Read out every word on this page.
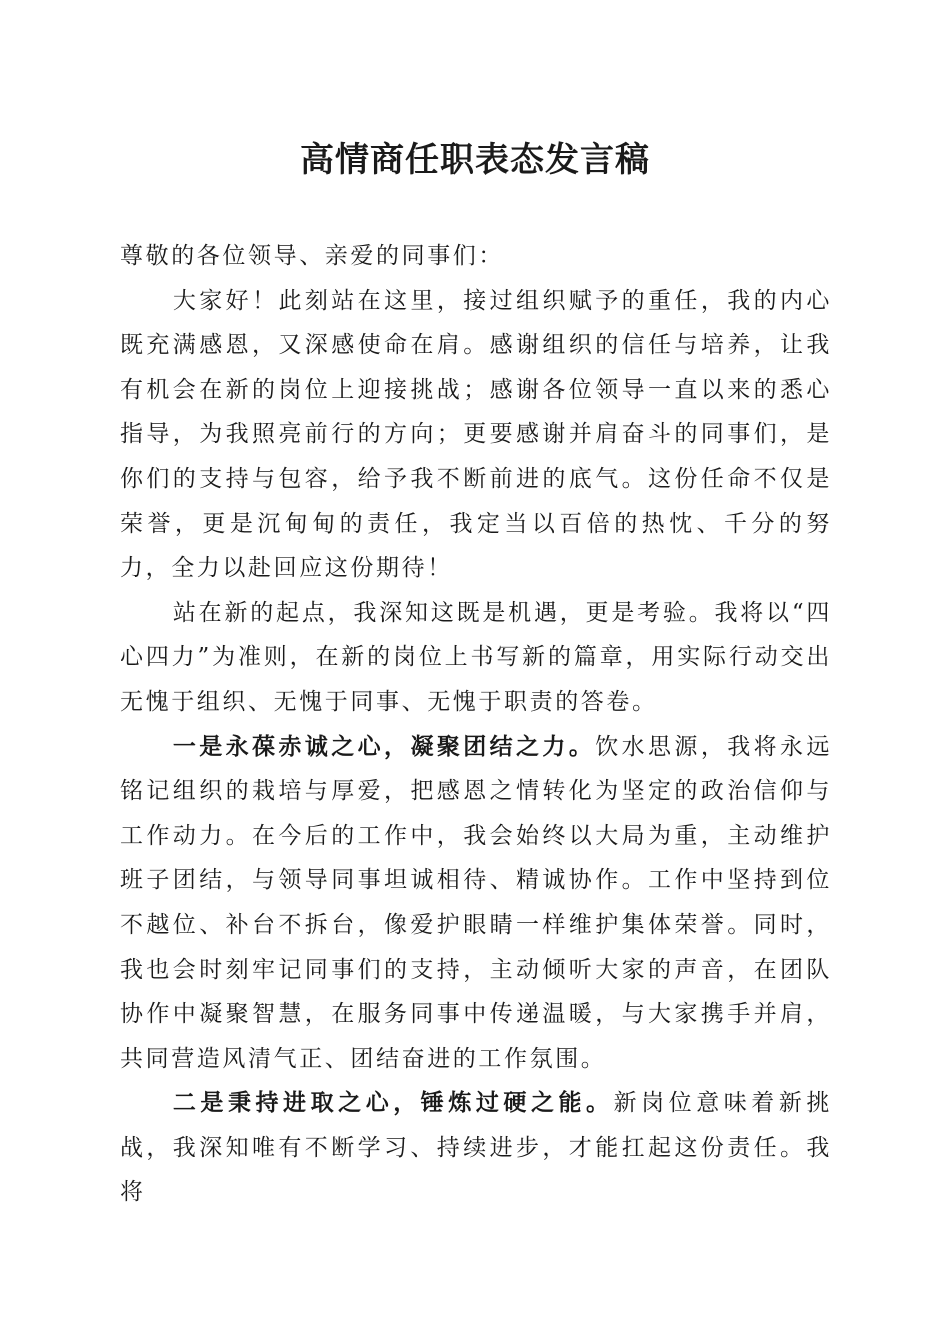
高情商任职表态发言稿

尊敬的各位领导、亲爱的同事们：

大家好！此刻站在这里，接过组织赋予的重任，我的内心既充满感恩，又深感使命在肩。感谢组织的信任与培养，让我有机会在新的岗位上迎接挑战；感谢各位领导一直以来的悉心指导，为我照亮前行的方向；更要感谢并肩奋斗的同事们，是你们的支持与包容，给予我不断前进的底气。这份任命不仅是荣誉，更是沉甸甸的责任，我定当以百倍的热忱、千分的努力，全力以赴回应这份期待！

站在新的起点，我深知这既是机遇，更是考验。我将以“四心四力”为准则，在新的岗位上书写新的篇章，用实际行动交出无愧于组织、无愧于同事、无愧于职责的答卷。

一是永葆赤诚之心，凝聚团结之力。饮水思源，我将永远铭记组织的栽培与厚爱，把感恩之情转化为坚定的政治信仰与工作动力。在今后的工作中，我会始终以大局为重，主动维护班子团结，与领导同事坦诚相待、精诚协作。工作中坚持到位不越位、补台不拆台，像爱护眼睛一样维护集体荣誉。同时，我也会时刻牢记同事们的支持，主动倾听大家的声音，在团队协作中凝聚智慧，在服务同事中传递温暖，与大家携手并肩，共同营造风清气正、团结奋进的工作氛围。

二是秉持进取之心，锤炼过硬之能。新岗位意味着新挑战，我深知唯有不断学习、持续进步，才能扛起这份责任。我将
